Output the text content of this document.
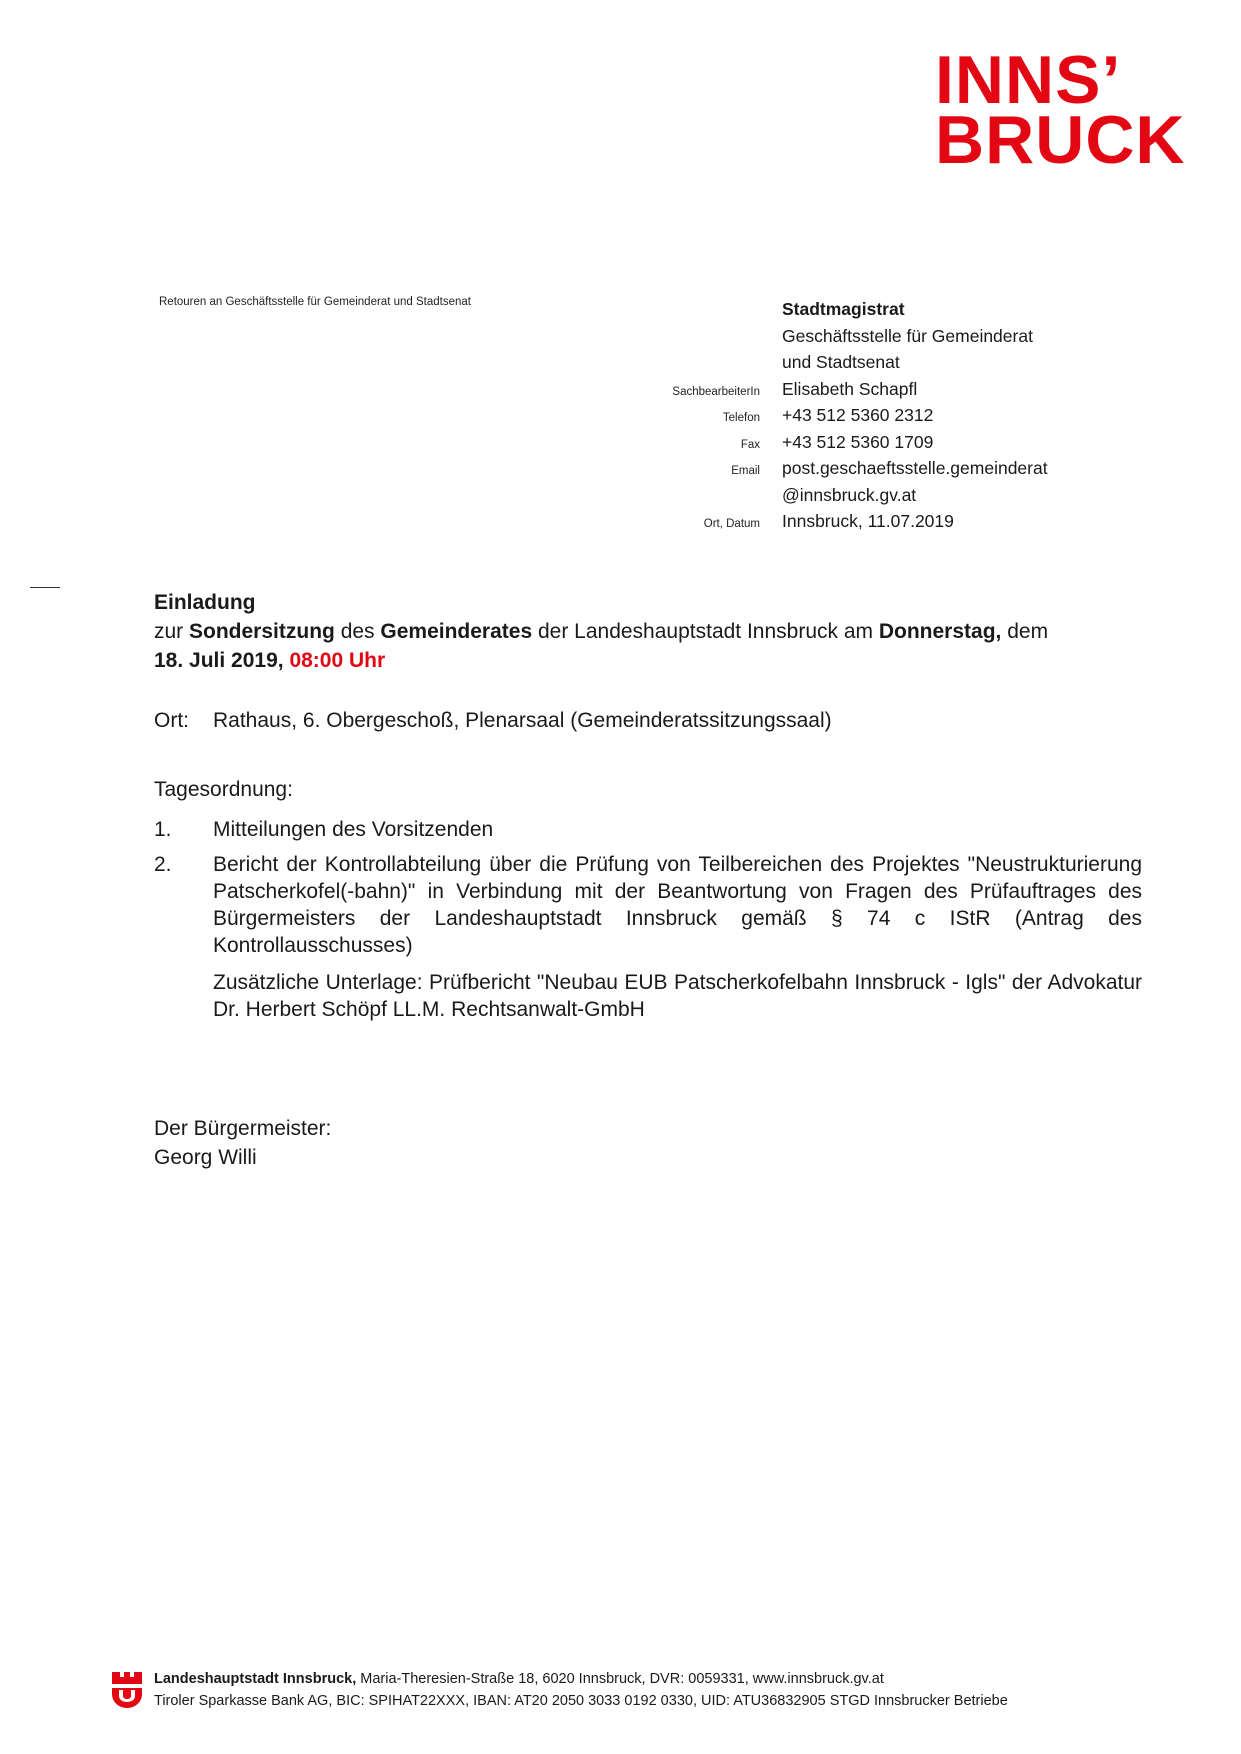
INNS’
BRUCK
Retouren an Geschäftsstelle für Gemeinderat und Stadtsenat	Stadtmagistrat
Geschäftsstelle für Gemeinderat
und Stadtsenat
SachbearbeiterIn	Elisabeth Schapfl
Telefon	+43 512 5360 2312
Fax	+43 512 5360 1709
Email	post.geschaeftsstelle.gemeinderat
@innsbruck.gv.at
Ort, Datum	Innsbruck, 11.07.2019
Einladung
zur Sondersitzung des Gemeinderates der Landeshauptstadt Innsbruck am Donnerstag, dem
18. Juli 2019, 08:00 Uhr
Ort:	Rathaus, 6. Obergeschoß, Plenarsaal (Gemeinderatssitzungssaal)
Tagesordnung:
1.	Mitteilungen des Vorsitzenden
2.	Bericht der Kontrollabteilung über die Prüfung von Teilbereichen des Projektes "Neustrukturierung Patscherkofel(-bahn)" in Verbindung mit der Beantwortung von Fragen des Prüfauftrages des Bürgermeisters der Landeshauptstadt Innsbruck gemäß § 74 c IStR (Antrag des Kontrollausschusses)
Zusätzliche Unterlage: Prüfbericht "Neubau EUB Patscherkofelbahn Innsbruck - Igls" der Advokatur Dr. Herbert Schöpf LL.M. Rechtsanwalt-GmbH
Der Bürgermeister:
Georg Willi
Landeshauptstadt Innsbruck, Maria-Theresien-Straße 18, 6020 Innsbruck, DVR: 0059331, www.innsbruck.gv.at
Tiroler Sparkasse Bank AG, BIC: SPIHAT22XXX, IBAN: AT20 2050 3033 0192 0330, UID: ATU36832905 STGD Innsbrucker Betriebe
